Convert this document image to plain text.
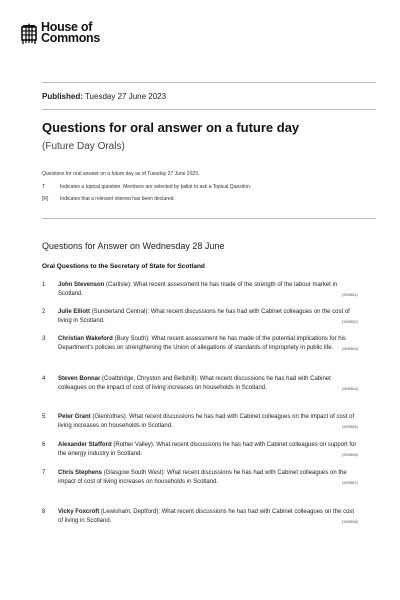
House of
Commons
Published: Tuesday 27 June 2023
Questions for oral answer on a future day
(Future Day Orals)
Questions for oral answer on a future day as of Tuesday 27 June 2023.
T	Indicates a topical question. Members are selected by ballot to ask a Topical Question.
[R]	Indicates that a relevant interest has been declared.
Questions for Answer on Wednesday 28 June
Oral Questions to the Secretary of State for Scotland
1	John Stevenson (Carlisle): What recent assessment he has made of the strength of the labour market in Scotland.	(905581)
2	Julie Elliott (Sunderland Central): What recent discussions he has had with Cabinet colleagues on the cost of living in Scotland.	(905582)
3	Christian Wakeford (Bury South): What recent assessment he has made of the potential implications for his Department's policies on strengthening the Union of allegations of standards of impropriety in public life.	(905583)
4	Steven Bonnar (Coatbridge, Chryston and Bellshill): What recent discussions he has had with Cabinet colleagues on the impact of cost of living increases on households in Scotland.	(905584)
5	Peter Grant (Glenrothes): What recent discussions he has had with Cabinet colleagues on the impact of cost of living increases on households in Scotland.	(905585)
6	Alexander Stafford (Rother Valley): What recent discussions he has had with Cabinet colleagues on support for the energy industry in Scotland.	(905586)
7	Chris Stephens (Glasgow South West): What recent discussions he has had with Cabinet colleagues on the impact of cost of living increases on households in Scotland.	(905587)
8	Vicky Foxcroft (Lewisham, Deptford): What recent discussions he has had with Cabinet colleagues on the cost of living in Scotland.	(905588)
